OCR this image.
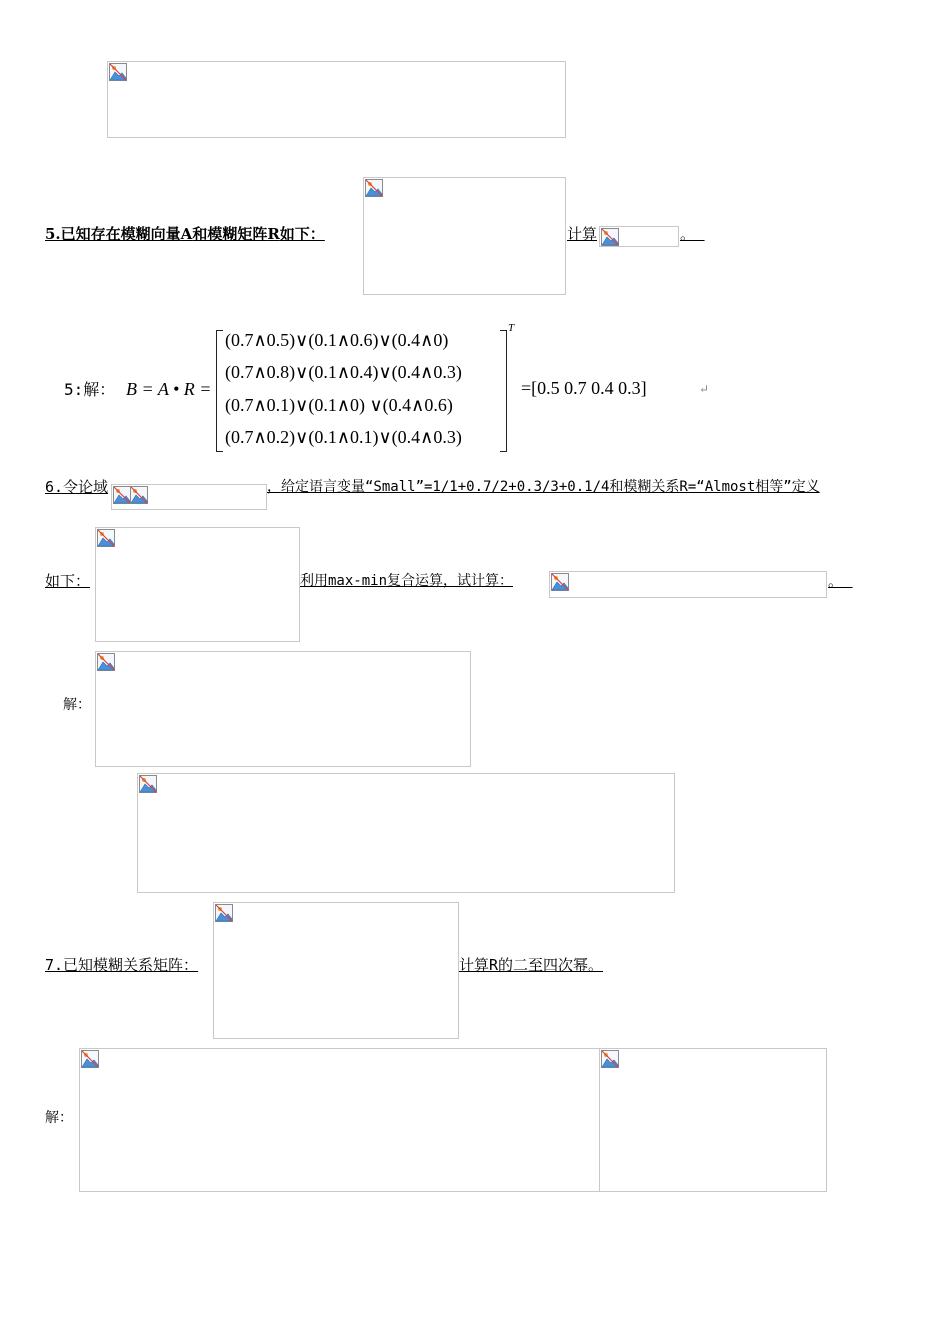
5.已知存在模糊向量A和模糊矩阵R如下：	计算	。
5:解： B = A • R =
(0.7∧0.5)∨(0.1∧0.6)∨(0.4∧0)
(0.7∧0.8)∨(0.1∧0.4)∨(0.4∧0.3)
(0.7∧0.1)∨(0.1∧0) ∨(0.4∧0.6)
(0.7∧0.2)∨(0.1∧0.1)∨(0.4∧0.3)
T
=[0.5 0.7 0.4 0.3]	↵
6.令论域	，给定语言变量“Small”=1/1+0.7/2+0.3/3+0.1/4和模糊关系R=“Almost相等”定义
如下：	利用max-min复合运算，试计算：	。
解：
7.已知模糊关系矩阵：	计算R的二至四次幂。
解：
